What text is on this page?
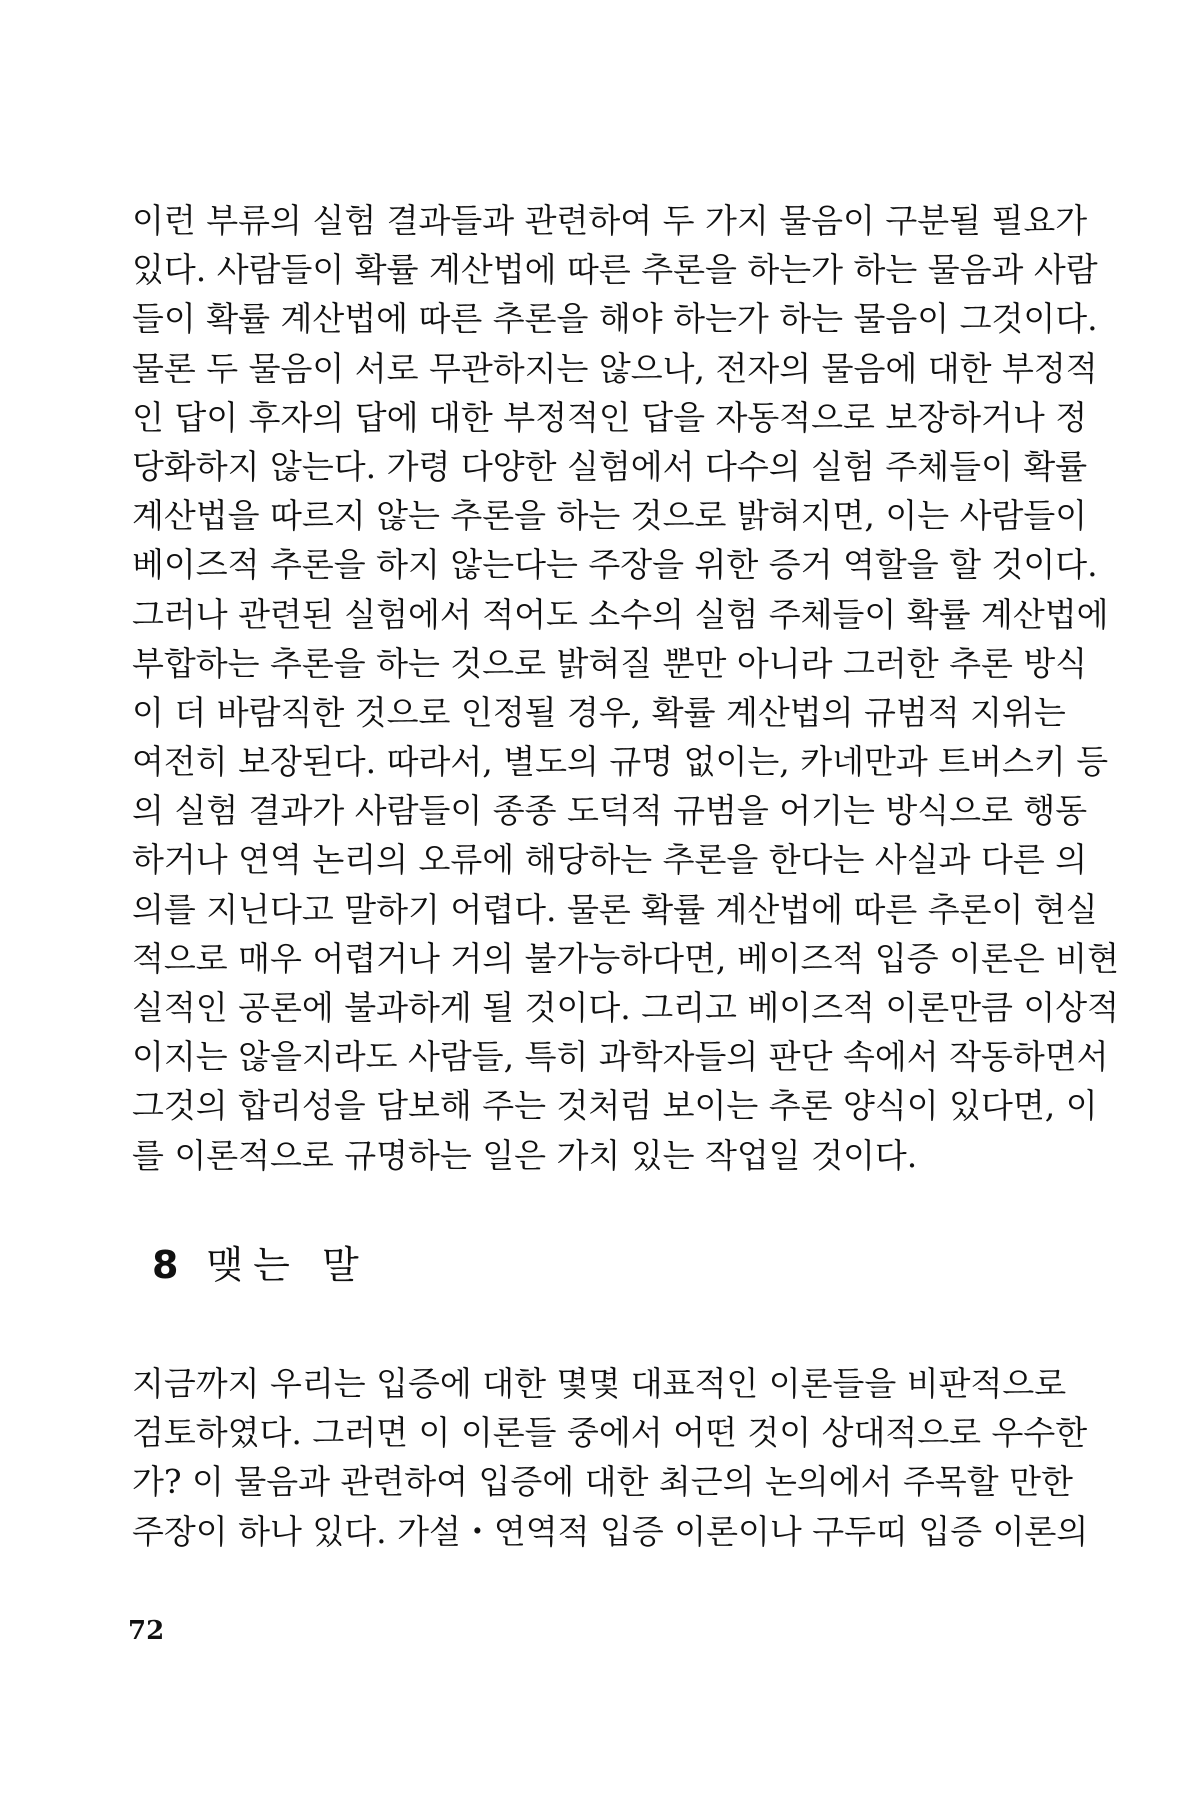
이런 부류의 실험 결과들과 관련하여 두 가지 물음이 구분될 필요가
있다. 사람들이 확률 계산법에 따른 추론을 하는가 하는 물음과 사람
들이 확률 계산법에 따른 추론을 해야 하는가 하는 물음이 그것이다.
물론 두 물음이 서로 무관하지는 않으나, 전자의 물음에 대한 부정적
인 답이 후자의 답에 대한 부정적인 답을 자동적으로 보장하거나 정
당화하지 않는다. 가령 다양한 실험에서 다수의 실험 주체들이 확률
계산법을 따르지 않는 추론을 하는 것으로 밝혀지면, 이는 사람들이
베이즈적 추론을 하지 않는다는 주장을 위한 증거 역할을 할 것이다.
그러나 관련된 실험에서 적어도 소수의 실험 주체들이 확률 계산법에
부합하는 추론을 하는 것으로 밝혀질 뿐만 아니라 그러한 추론 방식
이 더 바람직한 것으로 인정될 경우, 확률 계산법의 규범적 지위는
여전히 보장된다. 따라서, 별도의 규명 없이는, 카네만과 트버스키 등
의 실험 결과가 사람들이 종종 도덕적 규범을 어기는 방식으로 행동
하거나 연역 논리의 오류에 해당하는 추론을 한다는 사실과 다른 의
의를 지닌다고 말하기 어렵다. 물론 확률 계산법에 따른 추론이 현실
적으로 매우 어렵거나 거의 불가능하다면, 베이즈적 입증 이론은 비현
실적인 공론에 불과하게 될 것이다. 그리고 베이즈적 이론만큼 이상적
이지는 않을지라도 사람들, 특히 과학자들의 판단 속에서 작동하면서
그것의 합리성을 담보해 주는 것처럼 보이는 추론 양식이 있다면, 이
를 이론적으로 규명하는 일은 가치 있는 작업일 것이다.
8 맺는 말
지금까지 우리는 입증에 대한 몇몇 대표적인 이론들을 비판적으로
검토하였다. 그러면 이 이론들 중에서 어떤 것이 상대적으로 우수한
가? 이 물음과 관련하여 입증에 대한 최근의 논의에서 주목할 만한
주장이 하나 있다. 가설・연역적 입증 이론이나 구두띠 입증 이론의
72
